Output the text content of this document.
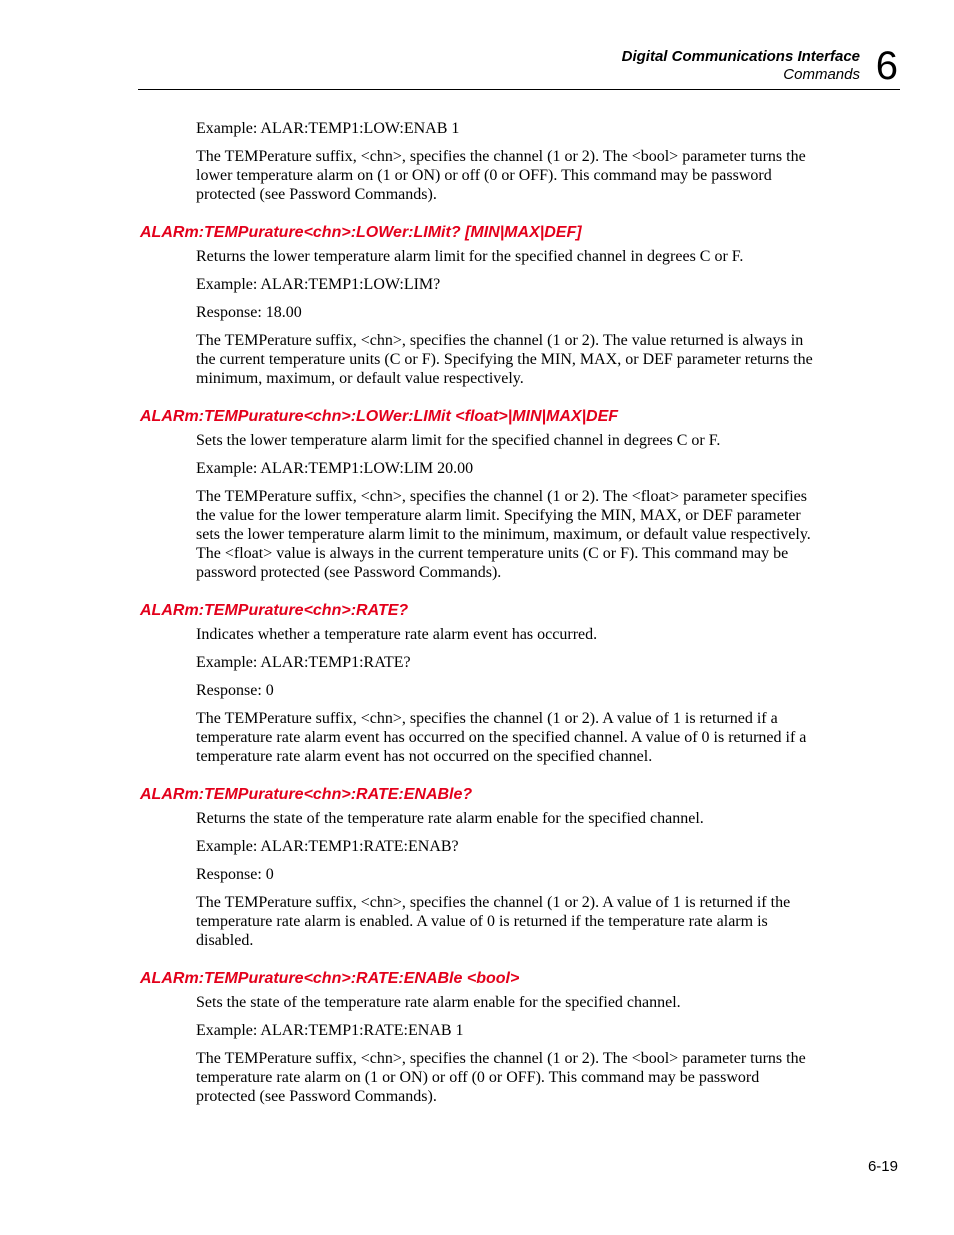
Digital Communications Interface
Commands 6

Example: ALAR:TEMP1:LOW:ENAB 1

The TEMPerature suffix, <chn>, specifies the channel (1 or 2). The <bool> parameter turns the lower temperature alarm on (1 or ON) or off (0 or OFF). This command may be password protected (see Password Commands).

ALARm:TEMPurature<chn>:LOWer:LIMit? [MIN|MAX|DEF]

Returns the lower temperature alarm limit for the specified channel in degrees C or F.

Example: ALAR:TEMP1:LOW:LIM?

Response: 18.00

The TEMPerature suffix, <chn>, specifies the channel (1 or 2). The value returned is always in the current temperature units (C or F). Specifying the MIN, MAX, or DEF parameter returns the minimum, maximum, or default value respectively.

ALARm:TEMPurature<chn>:LOWer:LIMit <float>|MIN|MAX|DEF

Sets the lower temperature alarm limit for the specified channel in degrees C or F.

Example: ALAR:TEMP1:LOW:LIM 20.00

The TEMPerature suffix, <chn>, specifies the channel (1 or 2). The <float> parameter specifies the value for the lower temperature alarm limit. Specifying the MIN, MAX, or DEF parameter sets the lower temperature alarm limit to the minimum, maximum, or default value respectively. The <float> value is always in the current temperature units (C or F). This command may be password protected (see Password Commands).

ALARm:TEMPurature<chn>:RATE?

Indicates whether a temperature rate alarm event has occurred.

Example: ALAR:TEMP1:RATE?

Response: 0

The TEMPerature suffix, <chn>, specifies the channel (1 or 2). A value of 1 is returned if a temperature rate alarm event has occurred on the specified channel. A value of 0 is returned if a temperature rate alarm event has not occurred on the specified channel.

ALARm:TEMPurature<chn>:RATE:ENABle?

Returns the state of the temperature rate alarm enable for the specified channel.

Example: ALAR:TEMP1:RATE:ENAB?

Response: 0

The TEMPerature suffix, <chn>, specifies the channel (1 or 2). A value of 1 is returned if the temperature rate alarm is enabled. A value of 0 is returned if the temperature rate alarm is disabled.

ALARm:TEMPurature<chn>:RATE:ENABle <bool>

Sets the state of the temperature rate alarm enable for the specified channel.

Example: ALAR:TEMP1:RATE:ENAB 1

The TEMPerature suffix, <chn>, specifies the channel (1 or 2). The <bool> parameter turns the temperature rate alarm on (1 or ON) or off (0 or OFF). This command may be password protected (see Password Commands).

6-19
